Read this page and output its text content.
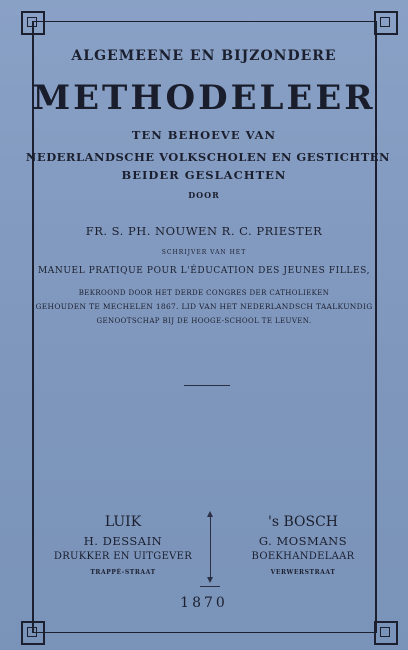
ALGEMEENE EN BIJZONDERE
METHODELEER
TEN BEHOEVE VAN
NEDERLANDSCHE VOLKSCHOLEN EN GESTICHTEN
BEIDER GESLACHTEN
DOOR
FR. S. PH. NOUWEN R. C. PRIESTER
SCHRIJVER VAN HET
MANUEL PRATIQUE POUR L'ÉDUCATION DES JEUNES FILLES,
BEKROOND DOOR HET DERDE CONGRES DER CATHOLIEKEN
GEHOUDEN TE MECHELEN 1867. LID VAN HET NEDERLANDSCH TAALKUNDIG
GENOOTSCHAP BIJ DE HOOGE-SCHOOL TE LEUVEN.
LUIK
H. DESSAIN
DRUKKER EN UITGEVER
TRAPPÉ-STRAAT
's BOSCH
G. MOSMANS
BOEKHANDELAAR
VERWERSTRAAT
1870
